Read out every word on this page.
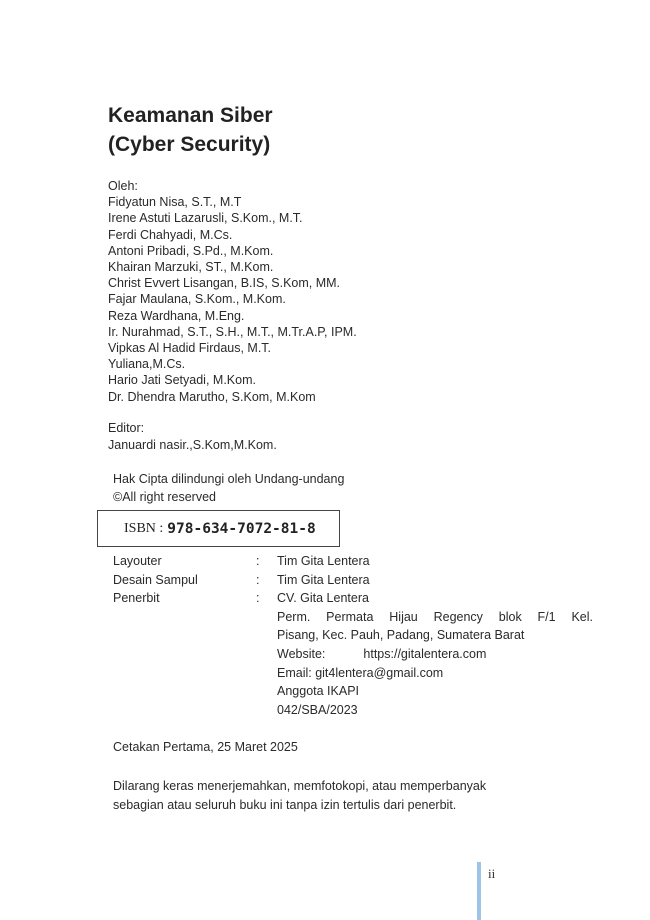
Keamanan Siber
(Cyber Security)
Oleh:
Fidyatun Nisa, S.T., M.T
Irene Astuti Lazarusli, S.Kom., M.T.
Ferdi Chahyadi, M.Cs.
Antoni Pribadi, S.Pd., M.Kom.
Khairan Marzuki, ST., M.Kom.
Christ Evvert Lisangan, B.IS, S.Kom, MM.
Fajar Maulana, S.Kom., M.Kom.
Reza Wardhana, M.Eng.
Ir. Nurahmad, S.T., S.H., M.T., M.Tr.A.P, IPM.
Vipkas Al Hadid Firdaus, M.T.
Yuliana,M.Cs.
Hario Jati Setyadi, M.Kom.
Dr. Dhendra Marutho, S.Kom, M.Kom
Editor:
Januardi nasir.,S.Kom,M.Kom.
Hak Cipta dilindungi oleh Undang-undang
©All right reserved
ISBN : 978-634-7072-81-8
Layouter	:	Tim Gita Lentera
Desain Sampul	:	Tim Gita Lentera
Penerbit	:	CV. Gita Lentera
Perm. Permata Hijau Regency blok F/1 Kel.
Pisang, Kec. Pauh, Padang, Sumatera Barat
Website:	https://gitalentera.com
Email: git4lentera@gmail.com
Anggota IKAPI
042/SBA/2023
Cetakan Pertama, 25 Maret 2025
Dilarang keras menerjemahkan, memfotokopi, atau memperbanyak
sebagian atau seluruh buku ini tanpa izin tertulis dari penerbit.
ii
